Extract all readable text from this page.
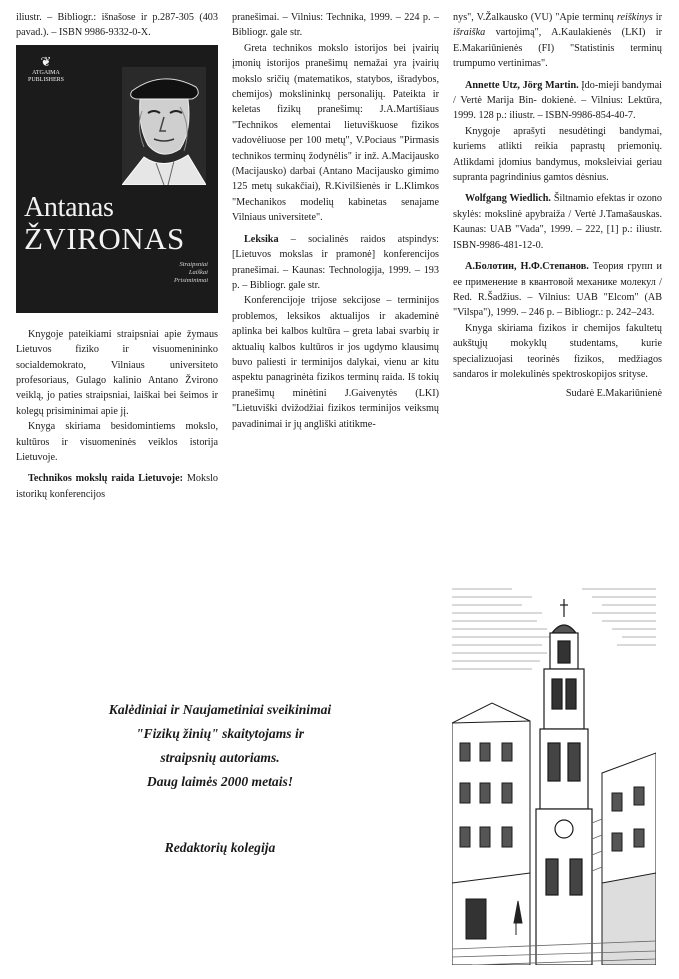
iliustr. – Bibliogr.: išnašose ir p.287-305 (403 pavad.). – ISBN 9986-9332-0-X.

❦
ATGAIMA
PUBLISHERS
Antanas
ŽVIRONAS
Straipsniai
Laiškai
Prisiminimai

Knygoje pateikiami straipsniai apie žymaus Lietuvos fiziko ir visuomenininko socialdemokrato, Vilniaus universiteto profesoriaus, Gulago kalinio Antano Žvirono veiklą, jo paties straipsniai, laiškai bei šeimos ir kolegų prisiminimai apie jį.

Knyga skiriama besidomintiems mokslo, kultūros ir visuomeninės veiklos istorija Lietuvoje.

Technikos mokslų raida Lietuvoje: Mokslo istorikų konferencijos

pranešimai. – Vilnius: Technika, 1999. – 224 p. – Bibliogr. gale str.

Greta technikos mokslo istorijos bei įvairių įmonių istorijos pranešimų nemažai yra įvairių mokslo sričių (matematikos, statybos, išradybos, chemijos) mokslininkų personalijų. Pateikta ir keletas fizikų pranešimų: J.A.Martišiaus "Technikos elementai lietuviškuose fizikos vadovėliuose per 100 metų", V.Pociaus "Pirmasis technikos terminų žodynėlis" ir inž. A.Macijausko (Macijausko) darbai (Antano Macijausko gimimo 125 metų sukakčiai), R.Kivilšienės ir L.Klimkos "Mechanikos modelių kabinetas senajame Vilniaus universitete".

Leksika – socialinės raidos atspindys: [Lietuvos mokslas ir pramonė] konferencijos pranešimai. – Kaunas: Technologija, 1999. – 193 p. – Bibliogr. gale str.

Konferencijoje trijose sekcijose – terminijos problemos, leksikos aktualijos ir akademinė aplinka bei kalbos kultūra – greta labai svarbių ir aktualių kalbos kultūros ir jos ugdymo klausimų buvo paliesti ir terminijos dalykai, vienu ar kitu aspektu panagrinėta fizikos terminų raida. Iš tokių pranešimų minėtini J.Gaivenytės (LKI) "Lietuviški dvižodžiai fizikos terminijos veiksmų pavadinimai ir jų angliški atitikme-

nys", V.Žalkausko (VU) "Apie terminų reiškinys ir išraiška vartojimą", A.Kaulakienės (LKI) ir E.Makariūnienės (FI) "Statistinis terminų trumpumo vertinimas".

Annette Utz, Jörg Martin. Įdo-mieji bandymai / Vertė Marija Bin- dokienė. – Vilnius: Lektūra, 1999. 128 p.: iliustr. – ISBN-9986-854-40-7.

Knygoje aprašyti nesudėtingi bandymai, kuriems atlikti reikia paprastų priemonių. Atlikdami įdomius bandymus, moksleiviai geriau supranta pagrindinius gamtos dėsnius.

Wolfgang Wiedlich. Šiltnamio efektas ir ozono skylės: mokslinė apybraiža / Vertė J.Tamašauskas. Kaunas: UAB "Vada", 1999. – 222, [1] p.: iliustr. ISBN-9986-481-12-0.

А.Болотин, Н.Ф.Степанов. Теория групп и ее применение в квантовой механике молекул / Red. R.Šadžius. – Vilnius: UAB "Elcom" (AB "Vilspa"), 1999. – 246 p. – Bibliogr.: p. 242–243.

Knyga skiriama fizikos ir chemijos fakultetų aukštųjų mokyklų studentams, kurie specializuojasi teorinės fizikos, medžiagos sandaros ir molekulinės spektroskopijos srityse.

Sudarė E.Makariūnienė

Kalėdiniai ir Naujametiniai sveikinimai

"Fizikų žinių" skaitytojams ir

straipsnių autoriams.

Daug laimės 2000 metais!

Redaktorių kolegija
